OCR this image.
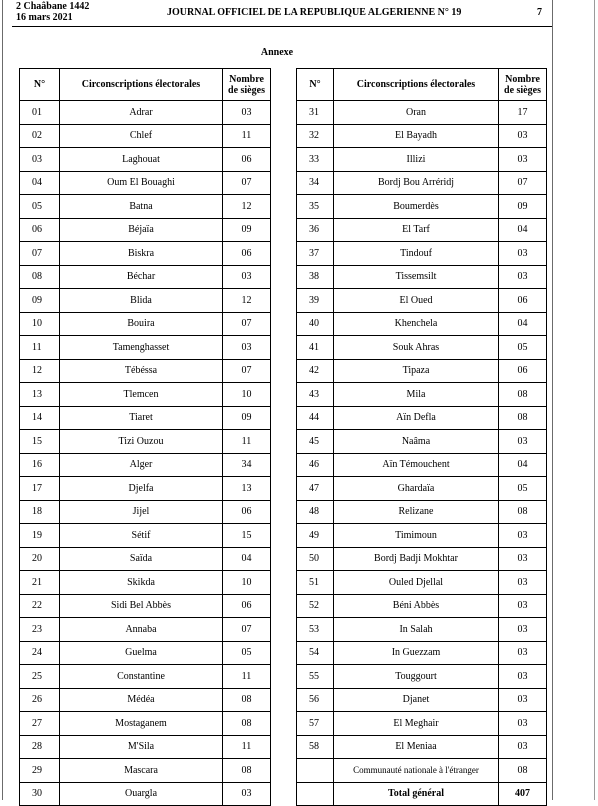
2 Chaâbane 1442
16 mars 2021	JOURNAL OFFICIEL DE LA REPUBLIQUE ALGERIENNE N° 19	7
Annexe
N°	Circonscriptions électorales	Nombre
de sièges
01	Adrar	03
02	Chlef	11
03	Laghouat	06
04	Oum El Bouaghi	07
05	Batna	12
06	Béjaïa	09
07	Biskra	06
08	Béchar	03
09	Blida	12
10	Bouira	07
11	Tamenghasset	03
12	Tébéssa	07
13	Tlemcen	10
14	Tiaret	09
15	Tizi Ouzou	11
16	Alger	34
17	Djelfa	13
18	Jijel	06
19	Sétif	15
20	Saïda	04
21	Skikda	10
22	Sidi Bel Abbès	06
23	Annaba	07
24	Guelma	05
25	Constantine	11
26	Médéa	08
27	Mostaganem	08
28	M'Sila	11
29	Mascara	08
30	Ouargla	03
N°	Circonscriptions électorales	Nombre
de sièges
31	Oran	17
32	El Bayadh	03
33	Illizi	03
34	Bordj Bou Arréridj	07
35	Boumerdès	09
36	El Tarf	04
37	Tindouf	03
38	Tissemsilt	03
39	El Oued	06
40	Khenchela	04
41	Souk Ahras	05
42	Tipaza	06
43	Mila	08
44	Aïn Defla	08
45	Naâma	03
46	Aïn Témouchent	04
47	Ghardaïa	05
48	Relizane	08
49	Timimoun	03
50	Bordj Badji Mokhtar	03
51	Ouled Djellal	03
52	Béni Abbès	03
53	In Salah	03
54	In Guezzam	03
55	Touggourt	03
56	Djanet	03
57	El Meghair	03
58	El Meniaa	03
	Communauté nationale à l'étranger	08
	Total général	407
